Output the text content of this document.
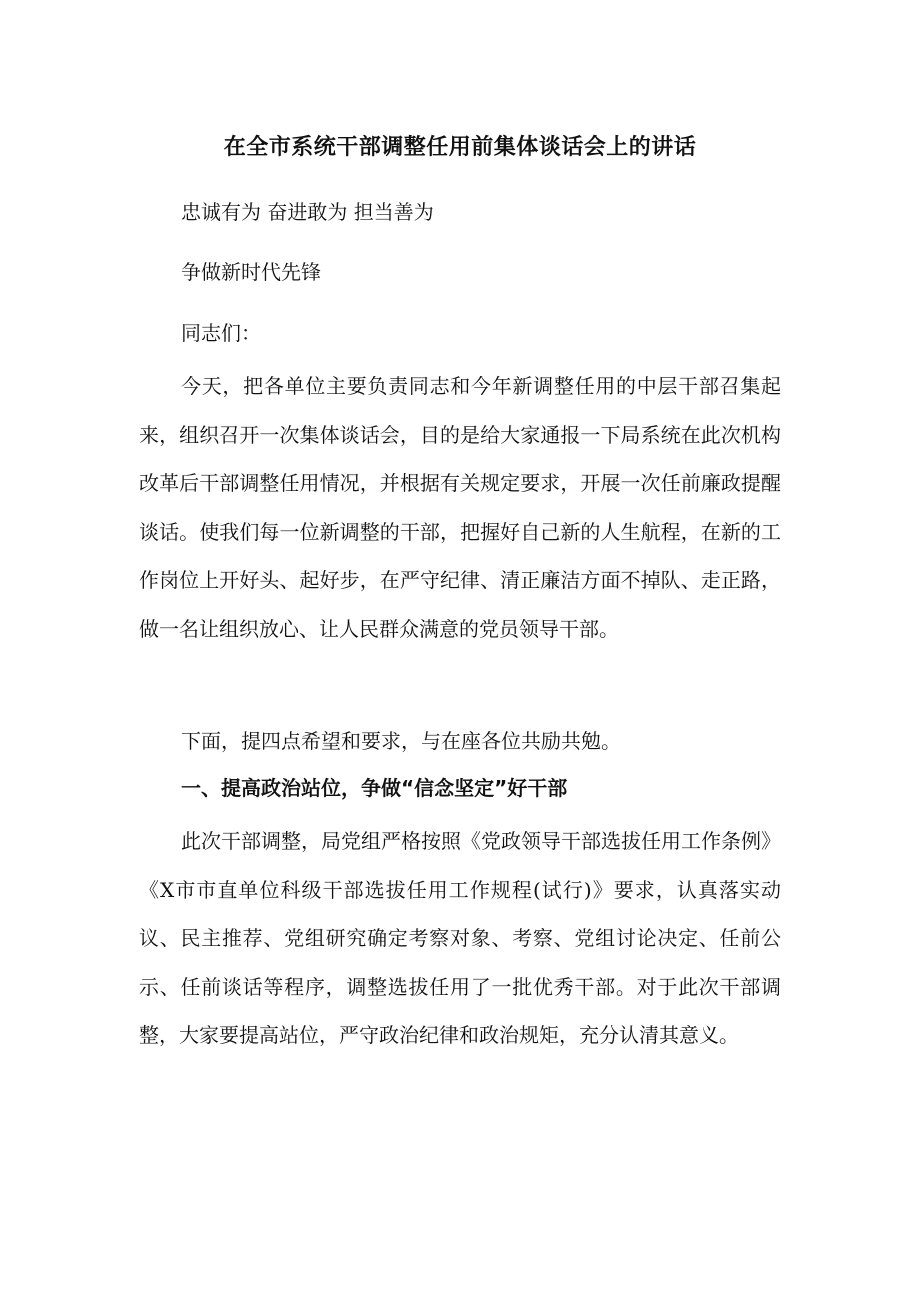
在全市系统干部调整任用前集体谈话会上的讲话
忠诚有为 奋进敢为 担当善为
争做新时代先锋
同志们：

今天，把各单位主要负责同志和今年新调整任用的中层干部召集起来，组织召开一次集体谈话会，目的是给大家通报一下局系统在此次机构改革后干部调整任用情况，并根据有关规定要求，开展一次任前廉政提醒谈话。使我们每一位新调整的干部，把握好自己新的人生航程，在新的工作岗位上开好头、起好步，在严守纪律、清正廉洁方面不掉队、走正路，做一名让组织放心、让人民群众满意的党员领导干部。

下面，提四点希望和要求，与在座各位共励共勉。
一、提高政治站位，争做“信念坚定”好干部

此次干部调整，局党组严格按照《党政领导干部选拔任用工作条例》《X市市直单位科级干部选拔任用工作规程(试行)》要求，认真落实动议、民主推荐、党组研究确定考察对象、考察、党组讨论决定、任前公示、任前谈话等程序，调整选拔任用了一批优秀干部。对于此次干部调整，大家要提高站位，严守政治纪律和政治规矩，充分认清其意义。
